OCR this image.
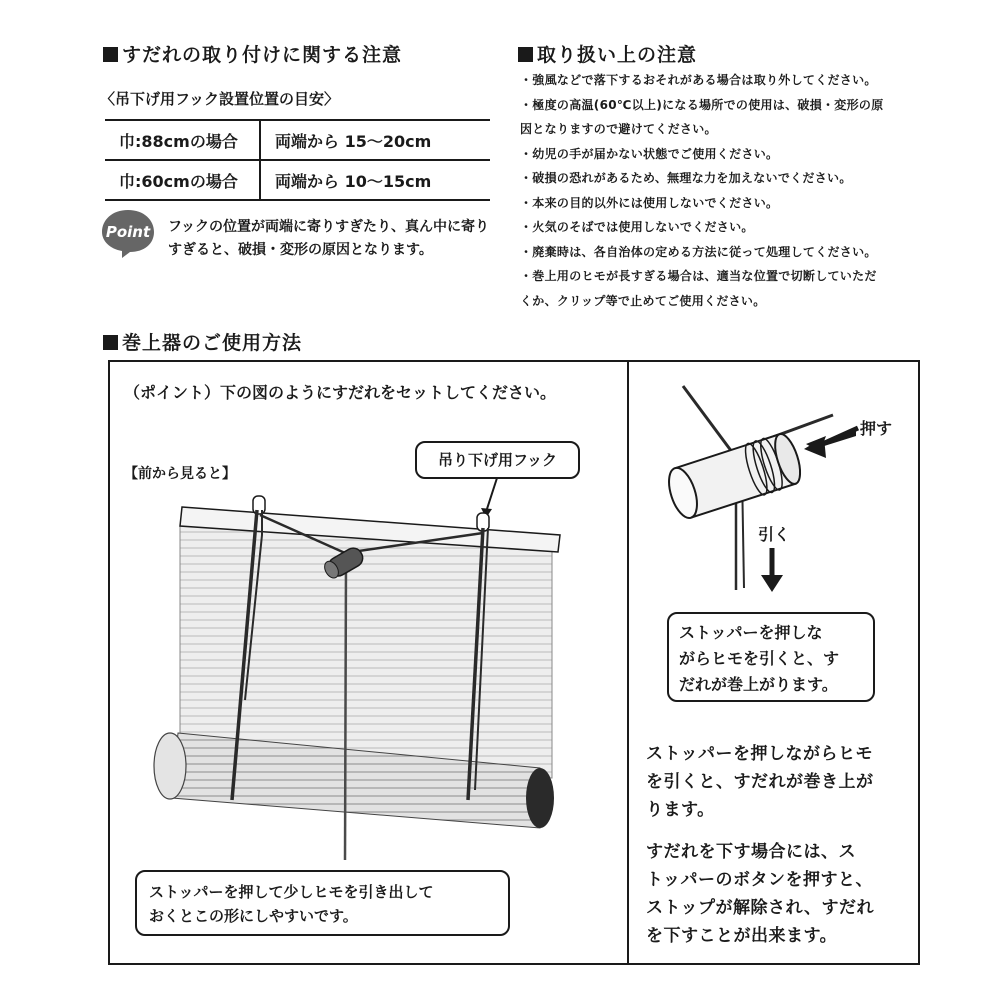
すだれの取り付けに関する注意
〈吊下げ用フック設置位置の目安〉
巾:88cmの場合	両端から 15～20cm
巾:60cmの場合	両端から 10～15cm
Point フックの位置が両端に寄りすぎたり、真ん中に寄りすぎると、破損・変形の原因となります。
取り扱い上の注意
・強風などで落下するおそれがある場合は取り外してください。
・極度の高温(60℃以上)になる場所での使用は、破損・変形の原
因となりますので避けてください。
・幼児の手が届かない状態でご使用ください。
・破損の恐れがあるため、無理な力を加えないでください。
・本来の目的以外には使用しないでください。
・火気のそばでは使用しないでください。
・廃棄時は、各自治体の定める方法に従って処理してください。
・巻上用のヒモが長すぎる場合は、適当な位置で切断していただ
くか、クリップ等で止めてご使用ください。
巻上器のご使用方法
（ポイント）下の図のようにすだれをセットしてください。
【前から見ると】
吊り下げ用フック
ストッパーを押して少しヒモを引き出して
おくとこの形にしやすいです。
押す
引く
ストッパーを押しな
がらヒモを引くと、す
だれが巻上がります。
ストッパーを押しながらヒモ
を引くと、すだれが巻き上が
ります。
すだれを下す場合には、ス
トッパーのボタンを押すと、
ストップが解除され、すだれ
を下すことが出来ます。
